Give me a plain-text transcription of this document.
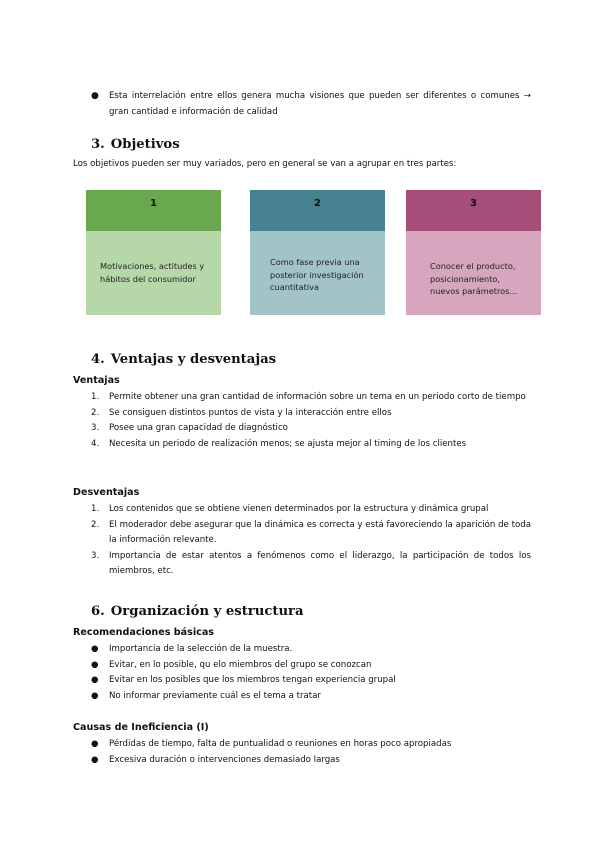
● Esta interrelación entre ellos genera mucha visiones que pueden ser diferentes o comunes → gran cantidad e información de calidad
3. Objetivos
Los objetivos pueden ser muy variados, pero en general se van a agrupar en tres partes:
1
Motivaciones, actitudes y hábitos del consumidor
2
Como fase previa una posterior investigación cuantitativa
3
Conocer el producto, posicionamiento, nuevos parámetros...
4. Ventajas y desventajas
Ventajas
1. Permite obtener una gran cantidad de información sobre un tema en un periodo corto de tiempo
2. Se consiguen distintos puntos de vista y la interacción entre ellos
3. Posee una gran capacidad de diagnóstico
4. Necesita un periodo de realización menos; se ajusta mejor al timing de los clientes
Desventajas
1. Los contenidos que se obtiene vienen determinados por la estructura y dinámica grupal
2. El moderador debe asegurar que la dinámica es correcta y está favoreciendo la aparición de toda la información relevante.
3. Importancia de estar atentos a fenómenos como el liderazgo, la participación de todos los miembros, etc.
6. Organización y estructura
Recomendaciones básicas
● Importancia de la selección de la muestra.
● Evitar, en lo posible, qu elo miembros del grupo se conozcan
● Evitar en los posibles que los miembros tengan experiencia grupal
● No informar previamente cuál es el tema a tratar
Causas de Ineficiencia (I)
● Pérdidas de tiempo, falta de puntualidad o reuniones en horas poco apropiadas
● Excesiva duración o intervenciones demasiado largas
